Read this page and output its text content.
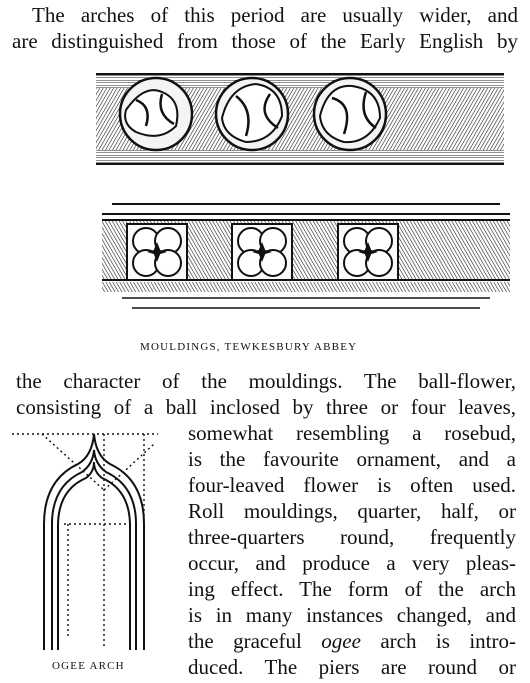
The arches of this period are usually wider, and
are distinguished from those of the Early English by
MOULDINGS, TEWKESBURY ABBEY
the character of the mouldings. The ball-flower,
consisting of a ball inclosed by three or four leaves,
somewhat resembling a rosebud,
is the favourite ornament, and a
four-leaved flower is often used.
Roll mouldings, quarter, half, or
three-quarters round, frequently
occur, and produce a very pleas-
ing effect. The form of the arch
is in many instances changed, and
the graceful ogee arch is intro-
duced. The piers are round or
OGEE ARCH
